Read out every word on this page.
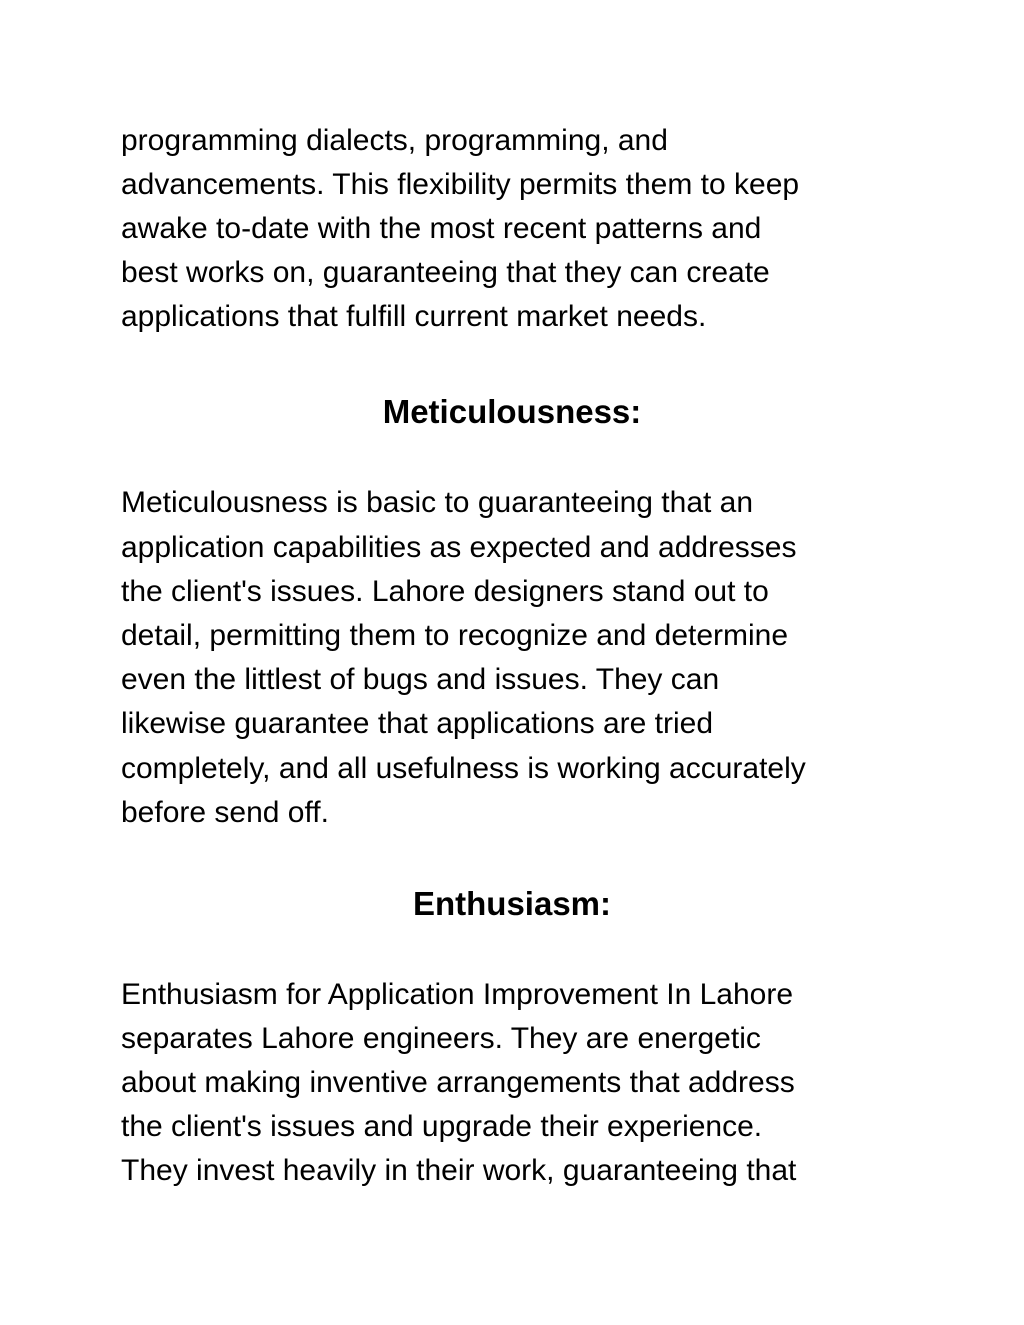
programming dialects, programming, and

advancements. This flexibility permits them to keep

awake to-date with the most recent patterns and

best works on, guaranteeing that they can create

applications that fulfill current market needs.

Meticulousness:

Meticulousness is basic to guaranteeing that an

application capabilities as expected and addresses

the client's issues. Lahore designers stand out to

detail, permitting them to recognize and determine

even the littlest of bugs and issues. They can

likewise guarantee that applications are tried

completely, and all usefulness is working accurately

before send off.

Enthusiasm:

Enthusiasm for Application Improvement In Lahore

separates Lahore engineers. They are energetic

about making inventive arrangements that address

the client's issues and upgrade their experience.

They invest heavily in their work, guaranteeing that
